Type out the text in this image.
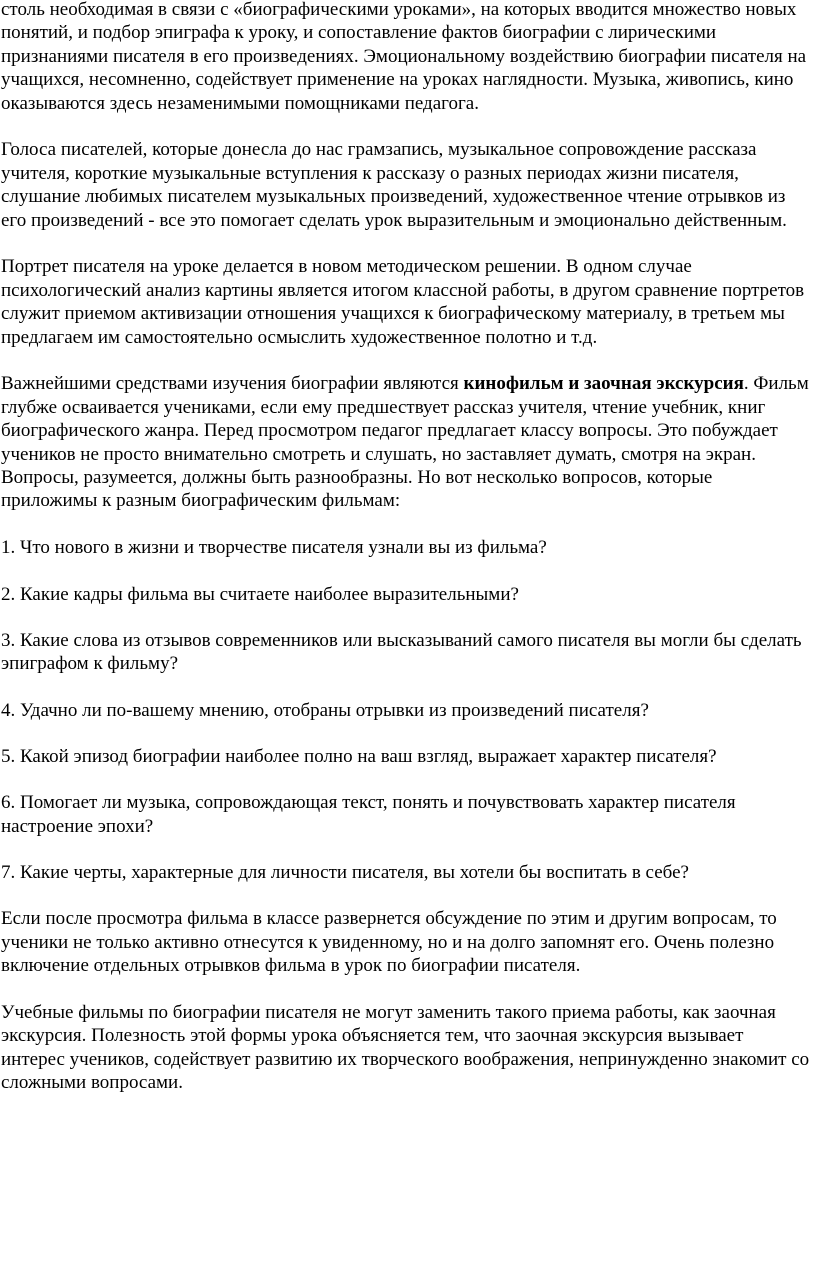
столь необходимая в связи с «биографическими уроками», на которых вводится множество новых понятий, и подбор эпиграфа к уроку, и сопоставление фактов биографии с лирическими признаниями писателя в его произведениях. Эмоциональному воздействию биографии писателя на учащихся, несомненно, содействует применение на уроках наглядности. Музыка, живопись, кино оказываются здесь незаменимыми помощниками педагога.

Голоса писателей, которые донесла до нас грамзапись, музыкальное сопровождение рассказа учителя, короткие музыкальные вступления к рассказу о разных периодах жизни писателя, слушание любимых писателем музыкальных произведений, художественное чтение отрывков из его произведений - все это помогает сделать урок выразительным и эмоционально действенным.

Портрет писателя на уроке делается в новом методическом решении. В одном случае психологический анализ картины является итогом классной работы, в другом сравнение портретов служит приемом активизации отношения учащихся к биографическому материалу, в третьем мы предлагаем им самостоятельно осмыслить художественное полотно и т.д.

Важнейшими средствами изучения биографии являются кинофильм и заочная экскурсия. Фильм глубже осваивается учениками, если ему предшествует рассказ учителя, чтение учебник, книг биографического жанра. Перед просмотром педагог предлагает классу вопросы. Это побуждает учеников не просто внимательно смотреть и слушать, но заставляет думать, смотря на экран. Вопросы, разумеется, должны быть разнообразны. Но вот несколько вопросов, которые приложимы к разным биографическим фильмам:

1. Что нового в жизни и творчестве писателя узнали вы из фильма?

2. Какие кадры фильма вы считаете наиболее выразительными?

3. Какие слова из отзывов современников или высказываний самого писателя вы могли бы сделать эпиграфом к фильму?

4. Удачно ли по-вашему мнению, отобраны отрывки из произведений писателя?

5. Какой эпизод биографии наиболее полно на ваш взгляд, выражает характер писателя?

6. Помогает ли музыка, сопровождающая текст, понять и почувствовать характер писателя настроение эпохи?

7. Какие черты, характерные для личности писателя, вы хотели бы воспитать в себе?

Если после просмотра фильма в классе развернется обсуждение по этим и другим вопросам, то ученики не только активно отнесутся к увиденному, но и на долго запомнят его. Очень полезно включение отдельных отрывков фильма в урок по биографии писателя.

Учебные фильмы по биографии писателя не могут заменить такого приема работы, как заочная экскурсия. Полезность этой формы урока объясняется тем, что заочная экскурсия вызывает интерес учеников, содействует развитию их творческого воображения, непринужденно знакомит со сложными вопросами.
